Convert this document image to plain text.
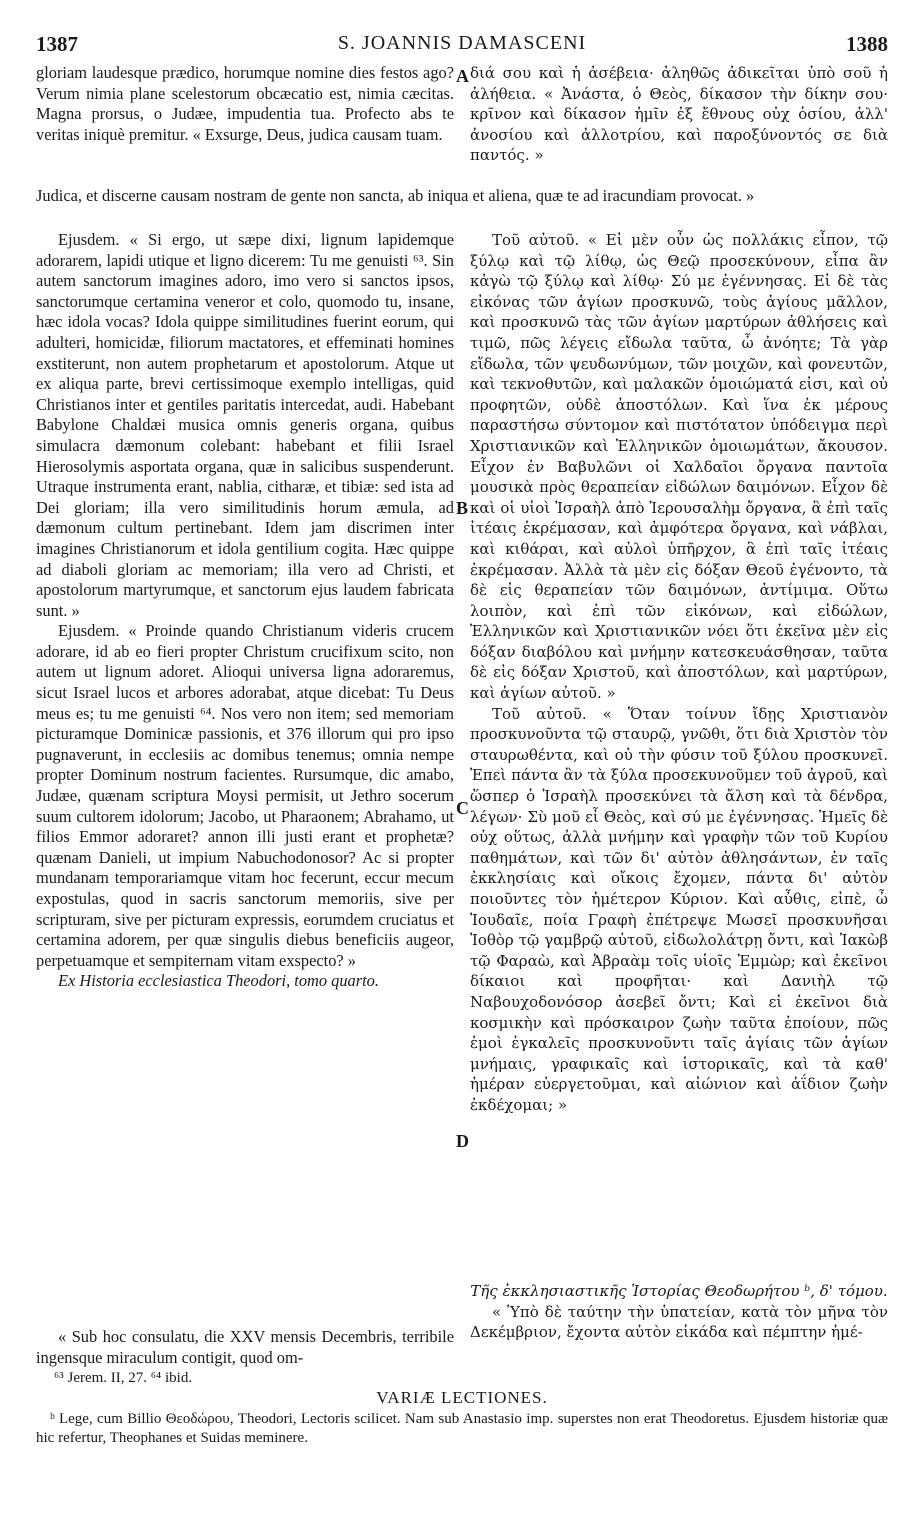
1387	S. JOANNIS DAMASCENI	1388

gloriam laudesque prædico, horumque nomine dies festos ago? Verum nimia plane scelestorum obcæcatio est, nimia cæcitas. Magna prorsus, o Judæe, impudentia tua. Profecto abs te veritas iniquè premitur. « Exsurge, Deus, judica causam tuam.

διά σου καὶ ἡ ἀσέβεια· ἀληθῶς ἀδικεῖται ὑπὸ σοῦ ἡ ἀλήθεια. « Ἀνάστα, ὁ Θεὸς, δίκασον τὴν δίκην σου· κρῖνον καὶ δίκασον ἡμῖν ἐξ ἔθνους οὐχ ὁσίου, ἀλλ' ἀνοσίου καὶ ἀλλοτρίου, καὶ παροξύνοντός σε διὰ παντός. »

Judica, et discerne causam nostram de gente non sancta, ab iniqua et aliena, quæ te ad iracundiam provocat. »

Ejusdem. « Si ergo, ut sæpe dixi, lignum lapidemque adorarem, lapidi utique et ligno dicerem: Tu me genuisti ⁶³. Sin autem sanctorum imagines adoro, imo vero si sanctos ipsos, sanctorumque certamina veneror et colo, quomodo tu, insane, hæc idola vocas? Idola quippe similitudines fuerint eorum, qui adulteri, homicidæ, filiorum mactatores, et effeminati homines exstiterunt, non autem prophetarum et apostolorum. Atque ut ex aliqua parte, brevi certissimoque exemplo intelligas, quid Christianos inter et gentiles paritatis intercedat, audi. Habebant Babylone Chaldæi musica omnis generis organa, quibus simulacra dæmonum colebant: habebant et filii Israel Hierosolymis asportata organa, quæ in salicibus suspenderunt. Utraque instrumenta erant, nablia, citharæ, et tibiæ: sed ista ad Dei gloriam; illa vero similitudinis horum æmula, ad dæmonum cultum pertinebant. Idem jam discrimen inter imagines Christianorum et idola gentilium cogita. Hæc quippe ad diaboli gloriam ac memoriam; illa vero ad Christi, et apostolorum martyrumque, et sanctorum ejus laudem fabricata sunt. »

Ejusdem. « Proinde quando Christianum videris crucem adorare, id ab eo fieri propter Christum crucifixum scito, non autem ut lignum adoret. Alioqui universa ligna adoraremus, sicut Israel lucos et arbores adorabat, atque dicebat: Tu Deus meus es; tu me genuisti ⁶⁴. Nos vero non item; sed memoriam picturamque Dominicæ passionis, et 376 illorum qui pro ipso pugnaverunt, in ecclesiis ac domibus tenemus; omnia nempe propter Dominum nostrum facientes. Rursumque, dic amabo, Judæe, quænam scriptura Moysi permisit, ut Jethro socerum suum cultorem idolorum; Jacobo, ut Pharaonem; Abrahamo, ut filios Emmor adoraret? annon illi justi erant et prophetæ? quænam Danieli, ut impium Nabuchodonosor? Ac si propter mundanam temporariamque vitam hoc fecerunt, eccur mecum expostulas, quod in sacris sanctorum memoriis, sive per scripturam, sive per picturam expressis, eorumdem cruciatus et certamina adorem, per quæ singulis diebus beneficiis augeor, perpetuamque et sempiternam vitam exspecto? »

Ex Historia ecclesiastica Theodori, tomo quarto.

Τοῦ αὐτοῦ. « Εἰ μὲν οὖν ὡς πολλάκις εἶπον, τῷ ξύλῳ καὶ τῷ λίθῳ, ὡς Θεῷ προσεκύνουν, εἶπα ἂν κἀγὼ τῷ ξύλῳ καὶ λίθῳ· Σύ με ἐγέννησας. Εἰ δὲ τὰς εἰκόνας τῶν ἁγίων προσκυνῶ, τοὺς ἁγίους μᾶλλον, καὶ προσκυνῶ τὰς τῶν ἁγίων μαρτύρων ἀθλήσεις καὶ τιμῶ, πῶς λέγεις εἴδωλα ταῦτα, ὦ ἀνόητε; Τὰ γὰρ εἴδωλα, τῶν ψευδωνύμων, τῶν μοιχῶν, καὶ φονευτῶν, καὶ τεκνοθυτῶν, καὶ μαλακῶν ὁμοιώματά εἰσι, καὶ οὐ προφητῶν, οὐδὲ ἀποστόλων. Καὶ ἵνα ἐκ μέρους παραστήσω σύντομον καὶ πιστότατον ὑπόδειγμα περὶ Χριστιανικῶν καὶ Ἑλληνικῶν ὁμοιωμάτων, ἄκουσον. Εἶχον ἐν Βαβυλῶνι οἱ Χαλδαῖοι ὄργανα παντοῖα μουσικὰ πρὸς θεραπείαν εἰδώλων δαιμόνων. Εἶχον δὲ καὶ οἱ υἱοὶ Ἰσραὴλ ἀπὸ Ἱερουσαλὴμ ὄργανα, ἃ ἐπὶ ταῖς ἰτέαις ἐκρέμασαν, καὶ ἀμφότερα ὄργανα, καὶ νάβλαι, καὶ κιθάραι, καὶ αὐλοὶ ὑπῆρχον, ἃ ἐπὶ ταῖς ἰτέαις ἐκρέμασαν. Ἀλλὰ τὰ μὲν εἰς δόξαν Θεοῦ ἐγένοντο, τὰ δὲ εἰς θεραπείαν τῶν δαιμόνων, ἀντίμιμα. Οὕτω λοιπὸν, καὶ ἐπὶ τῶν εἰκόνων, καὶ εἰδώλων, Ἑλληνικῶν καὶ Χριστιανικῶν νόει ὅτι ἐκεῖνα μὲν εἰς δόξαν διαβόλου καὶ μνήμην κατεσκευάσθησαν, ταῦτα δὲ εἰς δόξαν Χριστοῦ, καὶ ἀποστόλων, καὶ μαρτύρων, καὶ ἁγίων αὐτοῦ. »

Τοῦ αὐτοῦ. « Ὅταν τοίνυν ἴδῃς Χριστιανὸν προσκυνοῦντα τῷ σταυρῷ, γνῶθι, ὅτι διὰ Χριστὸν τὸν σταυρωθέντα, καὶ οὐ τὴν φύσιν τοῦ ξύλου προσκυνεῖ. Ἐπεὶ πάντα ἂν τὰ ξύλα προσεκυνοῦμεν τοῦ ἀγροῦ, καὶ ὥσπερ ὁ Ἰσραὴλ προσεκύνει τὰ ἄλση καὶ τὰ δένδρα, λέγων· Σὺ μοῦ εἶ Θεὸς, καὶ σύ με ἐγέννησας. Ἡμεῖς δὲ οὐχ οὕτως, ἀλλὰ μνήμην καὶ γραφὴν τῶν τοῦ Κυρίου παθημάτων, καὶ τῶν δι' αὐτὸν ἀθλησάντων, ἐν ταῖς ἐκκλησίαις καὶ οἴκοις ἔχομεν, πάντα δι' αὐτὸν ποιοῦντες τὸν ἡμέτερον Κύριον. Καὶ αὖθις, εἰπὲ, ὦ Ἰουδαῖε, ποία Γραφὴ ἐπέτρεψε Μωσεῖ προσκυνῆσαι Ἰοθὸρ τῷ γαμβρῷ αὐτοῦ, εἰδωλολάτρῃ ὄντι, καὶ Ἰακὼβ τῷ Φαραὼ, καὶ Ἀβραὰμ τοῖς υἱοῖς Ἐμμὼρ; καὶ ἐκεῖνοι δίκαιοι καὶ προφῆται· καὶ Δανιὴλ τῷ Ναβουχοδονόσορ ἀσεβεῖ ὄντι; Καὶ εἰ ἐκεῖνοι διὰ κοσμικὴν καὶ πρόσκαιρον ζωὴν ταῦτα ἐποίουν, πῶς ἐμοὶ ἐγκαλεῖς προσκυνοῦντι ταῖς ἁγίαις τῶν ἁγίων μνήμαις, γραφικαῖς καὶ ἱστορικαῖς, καὶ τὰ καθ' ἡμέραν εὐεργετοῦμαι, καὶ αἰώνιον καὶ ἀΐδιον ζωὴν ἐκδέχομαι; »

« Sub hoc consulatu, die XXV mensis Decembris, terribile ingensque miraculum contigit, quod om-

Τῆς ἐκκλησιαστικῆς Ἱστορίας Θεοδωρήτου ᵇ, δ' τόμου.

« Ὑπὸ δὲ ταύτην τὴν ὑπατείαν, κατὰ τὸν μῆνα τὸν Δεκέμβριον, ἔχοντα αὐτὸν εἰκάδα καὶ πέμπτην ἡμέ-

A
B
C
D
⁶³ Jerem. II, 27. ⁶⁴ ibid.
VARIÆ LECTIONES.
ᵇ Lege, cum Billio Θεοδώρου, Theodori, Lectoris scilicet. Nam sub Anastasio imp. superstes non erat Theodoretus. Ejusdem historiæ quæ hic refertur, Theophanes et Suidas meminere.
